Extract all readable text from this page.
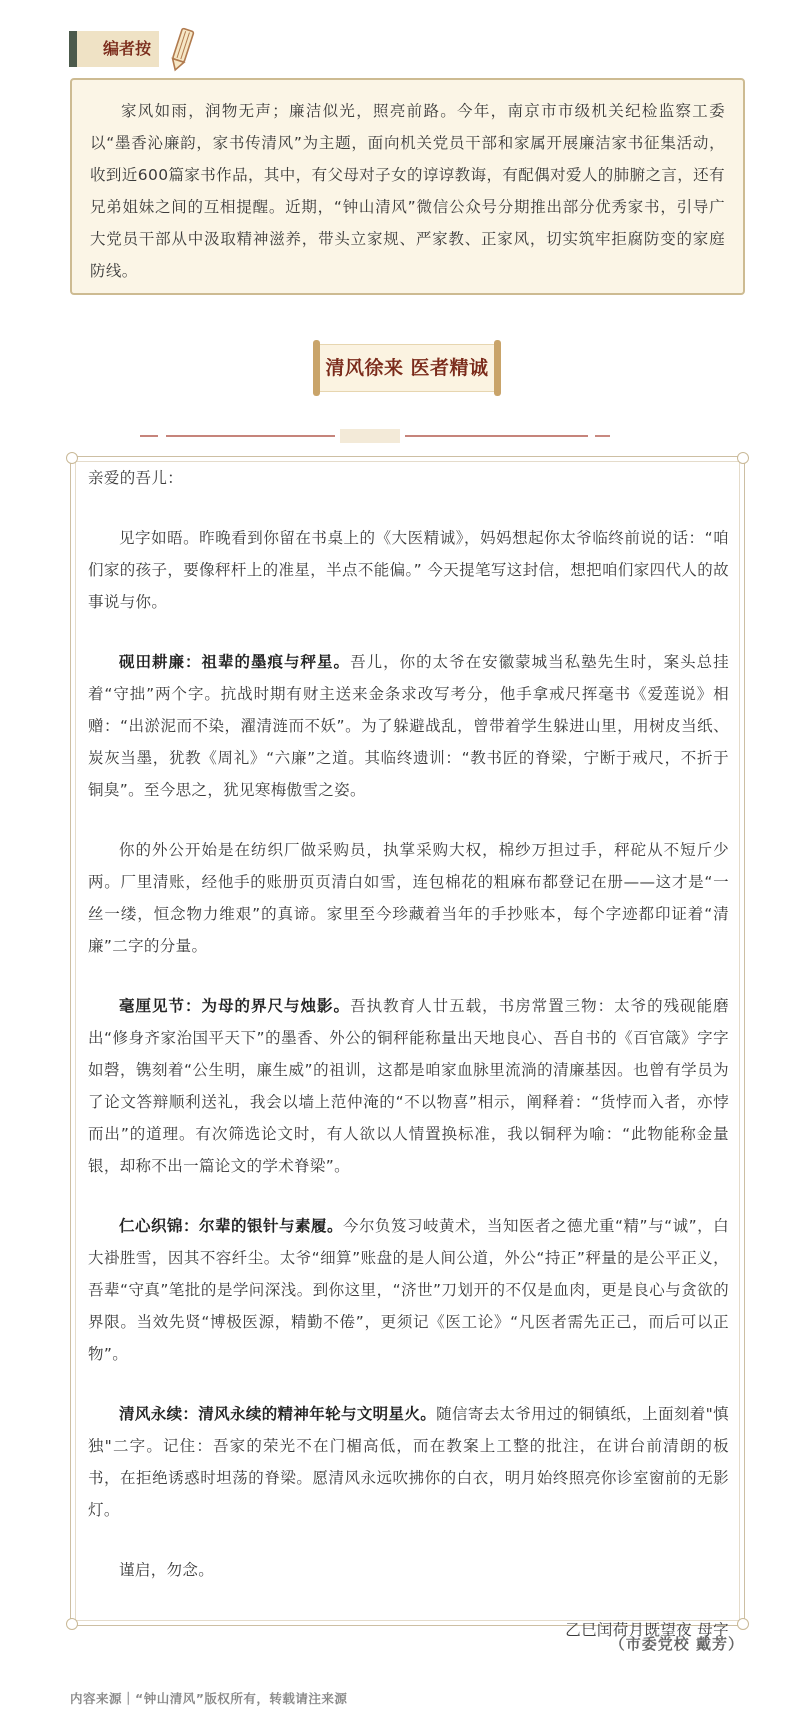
编者按

家风如雨，润物无声；廉洁似光，照亮前路。今年，南京市市级机关纪检监察工委以“墨香沁廉韵，家书传清风”为主题，面向机关党员干部和家属开展廉洁家书征集活动，收到近600篇家书作品，其中，有父母对子女的谆谆教诲，有配偶对爱人的肺腑之言，还有兄弟姐妹之间的互相提醒。近期，“钟山清风”微信公众号分期推出部分优秀家书，引导广大党员干部从中汲取精神滋养，带头立家规、严家教、正家风，切实筑牢拒腐防变的家庭防线。

清风徐来 医者精诚

亲爱的吾儿：

见字如晤。昨晚看到你留在书桌上的《大医精诚》，妈妈想起你太爷临终前说的话：“咱们家的孩子，要像秤杆上的准星，半点不能偏。” 今天提笔写这封信，想把咱们家四代人的故事说与你。

砚田耕廉：祖辈的墨痕与秤星。吾儿，你的太爷在安徽蒙城当私塾先生时，案头总挂着“守拙”两个字。抗战时期有财主送来金条求改写考分，他手拿戒尺挥毫书《爱莲说》相赠：“出淤泥而不染，濯清涟而不妖”。为了躲避战乱，曾带着学生躲进山里，用树皮当纸、炭灰当墨，犹教《周礼》“六廉”之道。其临终遗训：“教书匠的脊梁，宁断于戒尺，不折于铜臭”。至今思之，犹见寒梅傲雪之姿。

你的外公开始是在纺织厂做采购员，执掌采购大权，棉纱万担过手，秤砣从不短斤少两。厂里清账，经他手的账册页页清白如雪，连包棉花的粗麻布都登记在册——这才是“一丝一缕，恒念物力维艰”的真谛。家里至今珍藏着当年的手抄账本，每个字迹都印证着“清廉”二字的分量。

毫厘见节：为母的界尺与烛影。吾执教育人廿五载，书房常置三物：太爷的残砚能磨出“修身齐家治国平天下”的墨香、外公的铜秤能称量出天地良心、吾自书的《百官箴》字字如磬，镌刻着“公生明，廉生威”的祖训，这都是咱家血脉里流淌的清廉基因。也曾有学员为了论文答辩顺利送礼，我会以墙上范仲淹的“不以物喜”相示，阐释着：“货悖而入者，亦悖而出”的道理。有次筛选论文时，有人欲以人情置换标准，我以铜秤为喻：“此物能称金量银，却称不出一篇论文的学术脊梁”。

仁心织锦：尔辈的银针与素履。今尔负笈习岐黄术，当知医者之德尤重“精”与“诚”，白大褂胜雪，因其不容纤尘。太爷“细算”账盘的是人间公道，外公“持正”秤量的是公平正义，吾辈“守真”笔批的是学问深浅。到你这里，“济世”刀划开的不仅是血肉，更是良心与贪欲的界限。当效先贤“博极医源，精勤不倦”，更须记《医工论》“凡医者需先正己，而后可以正物”。

清风永续：清风永续的精神年轮与文明星火。随信寄去太爷用过的铜镇纸，上面刻着"慎独"二字。记住：吾家的荣光不在门楣高低，而在教案上工整的批注，在讲台前清朗的板书，在拒绝诱惑时坦荡的脊梁。愿清风永远吹拂你的白衣，明月始终照亮你诊室窗前的无影灯。

谨启，勿念。

乙巳闰荷月既望夜 母字

（市委党校 戴芳）
内容来源｜“钟山清风”版权所有，转载请注来源
